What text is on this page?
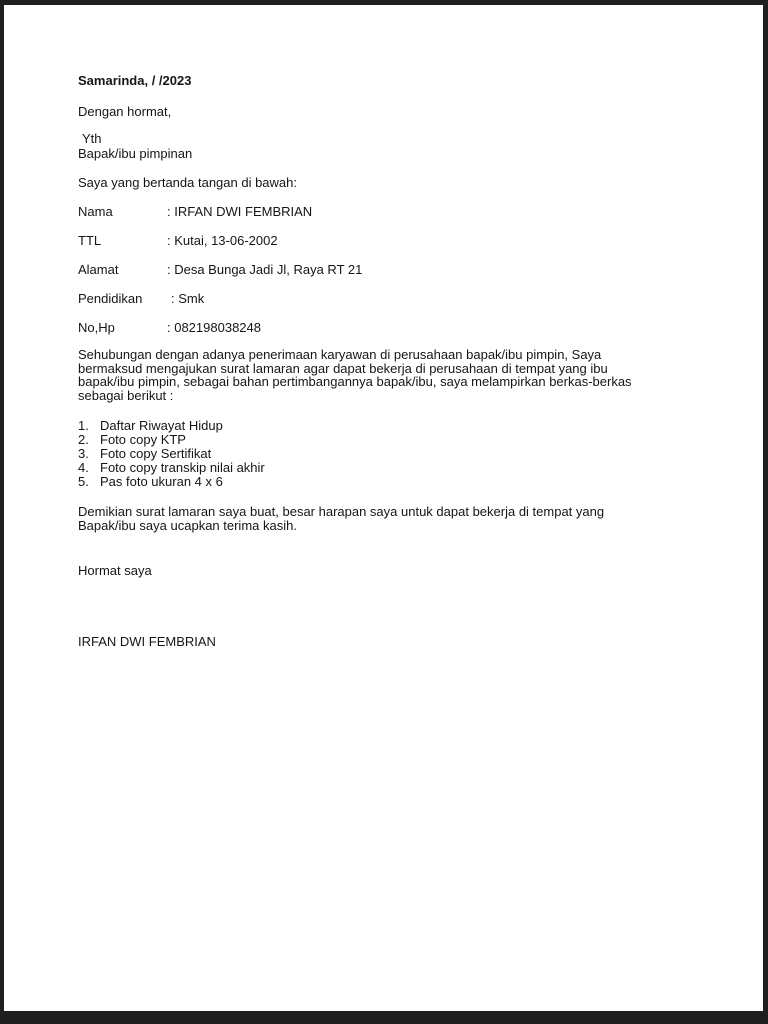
Samarinda, / /2023
Dengan hormat,
Yth
Bapak/ibu pimpinan
Saya yang bertanda tangan di bawah:
Nama	: IRFAN DWI FEMBRIAN
TTL	: Kutai, 13-06-2002
Alamat	: Desa Bunga Jadi Jl, Raya RT 21
Pendidikan : Smk
No,Hp	: 082198038248
Sehubungan dengan adanya penerimaan karyawan di perusahaan bapak/ibu pimpin, Saya
bermaksud mengajukan surat lamaran agar dapat bekerja di perusahaan di tempat yang ibu
bapak/ibu pimpin, sebagai bahan pertimbangannya bapak/ibu, saya melampirkan berkas-berkas
sebagai berikut :
1. Daftar Riwayat Hidup
2. Foto copy KTP
3. Foto copy Sertifikat
4. Foto copy transkip nilai akhir
5. Pas foto ukuran 4 x 6
Demikian surat lamaran saya buat, besar harapan saya untuk dapat bekerja di tempat yang
Bapak/ibu saya ucapkan terima kasih.
Hormat saya
IRFAN DWI FEMBRIAN
